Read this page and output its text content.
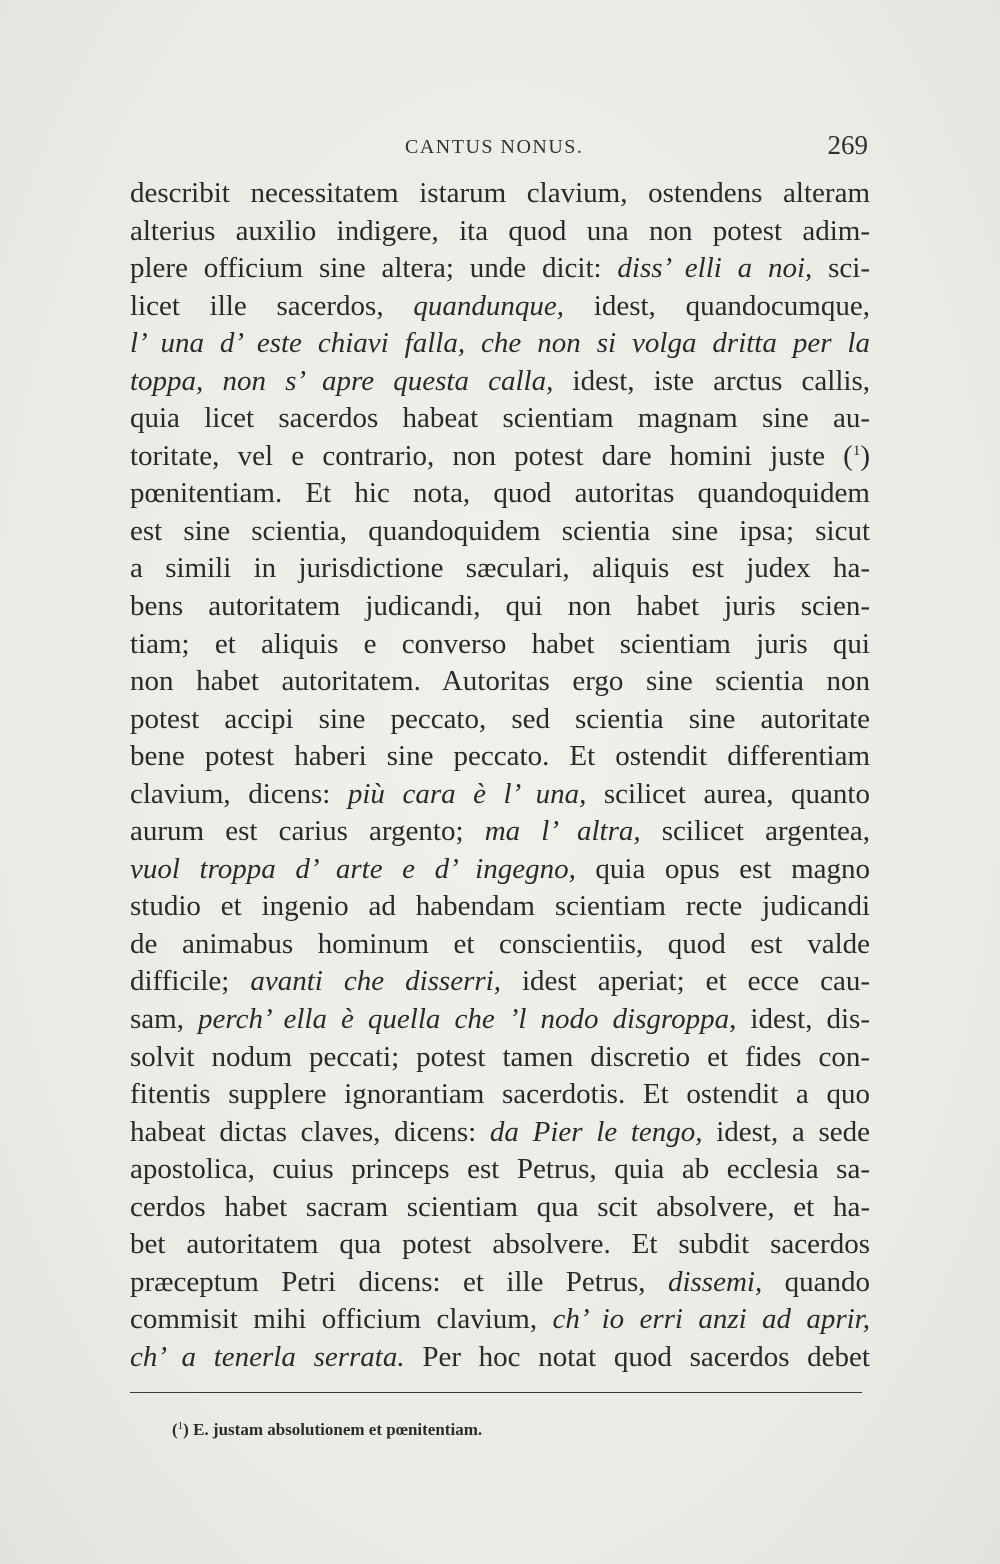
CANTUS NONUS.	269
describit necessitatem istarum clavium, ostendens alteram
alterius auxilio indigere, ita quod una non potest adim-
plere officium sine altera; unde dicit: diss’ elli a noi, sci-
licet ille sacerdos, quandunque, idest, quandocumque,
l’ una d’ este chiavi falla, che non si volga dritta per la
toppa, non s’ apre questa calla, idest, iste arctus callis,
quia licet sacerdos habeat scientiam magnam sine au-
toritate, vel e contrario, non potest dare homini juste ($^1$)
pœnitentiam. Et hic nota, quod autoritas quandoquidem
est sine scientia, quandoquidem scientia sine ipsa; sicut
a simili in jurisdictione sæculari, aliquis est judex ha-
bens autoritatem judicandi, qui non habet juris scien-
tiam; et aliquis e converso habet scientiam juris qui
non habet autoritatem. Autoritas ergo sine scientia non
potest accipi sine peccato, sed scientia sine autoritate
bene potest haberi sine peccato. Et ostendit differentiam
clavium, dicens: più cara è l’ una, scilicet aurea, quanto
aurum est carius argento; ma l’ altra, scilicet argentea,
vuol troppa d’ arte e d’ ingegno, quia opus est magno
studio et ingenio ad habendam scientiam recte judicandi
de animabus hominum et conscientiis, quod est valde
difficile; avanti che disserri, idest aperiat; et ecce cau-
sam, perch’ ella è quella che ’l nodo disgroppa, idest, dis-
solvit nodum peccati; potest tamen discretio et fides con-
fitentis supplere ignorantiam sacerdotis. Et ostendit a quo
habeat dictas claves, dicens: da Pier le tengo, idest, a sede
apostolica, cuius princeps est Petrus, quia ab ecclesia sa-
cerdos habet sacram scientiam qua scit absolvere, et ha-
bet autoritatem qua potest absolvere. Et subdit sacerdos
præceptum Petri dicens: et ille Petrus, dissemi, quando
commisit mihi officium clavium, ch’ io erri anzi ad aprir,
ch’ a tenerla serrata. Per hoc notat quod sacerdos debet
($^1$) E. justam absolutionem et pœnitentiam.
